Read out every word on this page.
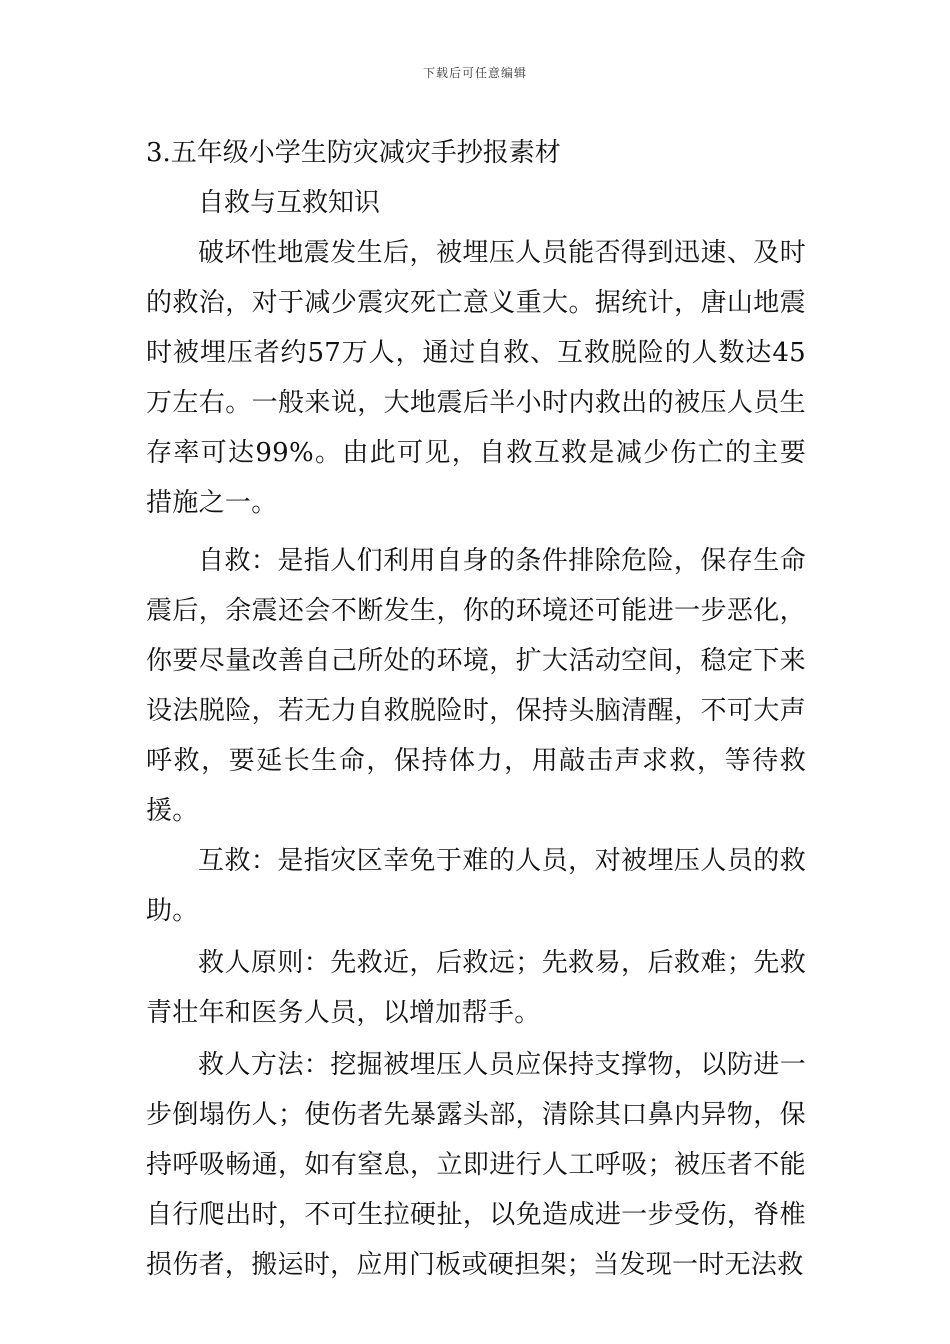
下载后可任意编辑
3.五年级小学生防灾减灾手抄报素材

自救与互救知识

破坏性地震发生后，被埋压人员能否得到迅速、及时的救治，对于减少震灾死亡意义重大。据统计，唐山地震时被埋压者约57万人，通过自救、互救脱险的人数达45万左右。一般来说，大地震后半小时内救出的被压人员生存率可达99%。由此可见，自救互救是减少伤亡的主要措施之一。

自救：是指人们利用自身的条件排除危险，保存生命震后，余震还会不断发生，你的环境还可能进一步恶化，你要尽量改善自己所处的环境，扩大活动空间，稳定下来设法脱险，若无力自救脱险时，保持头脑清醒，不可大声呼救，要延长生命，保持体力，用敲击声求救，等待救援。

互救：是指灾区幸免于难的人员，对被埋压人员的救助。

救人原则：先救近，后救远；先救易，后救难；先救青壮年和医务人员，以增加帮手。

救人方法：挖掘被埋压人员应保持支撑物，以防进一步倒塌伤人；使伤者先暴露头部，清除其口鼻内异物，保持呼吸畅通，如有窒息，立即进行人工呼吸；被压者不能自行爬出时，不可生拉硬扯，以免造成进一步受伤，脊椎损伤者，搬运时，应用门板或硬担架；当发现一时无法救
